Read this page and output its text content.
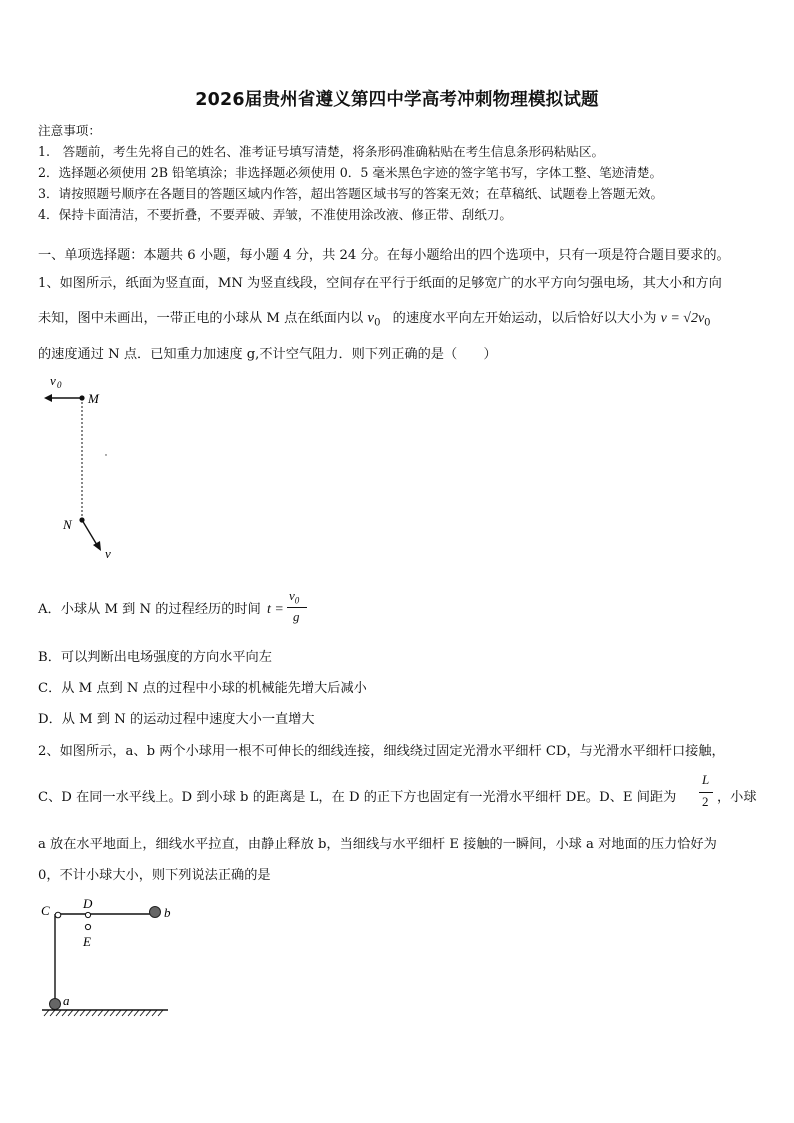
2026届贵州省遵义第四中学高考冲刺物理模拟试题
注意事项：
1.　答题前，考生先将自己的姓名、准考证号填写清楚，将条形码准确粘贴在考生信息条形码粘贴区。
2．选择题必须使用 2B 铅笔填涂；非选择题必须使用 0．5 毫米黑色字迹的签字笔书写，字体工整、笔迹清楚。
3．请按照题号顺序在各题目的答题区域内作答，超出答题区域书写的答案无效；在草稿纸、试题卷上答题无效。
4．保持卡面清洁，不要折叠，不要弄破、弄皱，不准使用涂改液、修正带、刮纸刀。
一、单项选择题：本题共 6 小题，每小题 4 分，共 24 分。在每小题给出的四个选项中，只有一项是符合题目要求的。
1、如图所示，纸面为竖直面，MN 为竖直线段，空间存在平行于纸面的足够宽广的水平方向匀强电场，其大小和方向
未知，图中未画出，一带正电的小球从 M 点在纸面内以 $v_0$ 的速度水平向左开始运动，以后恰好以大小为 $v = √2v_0$
的速度通过 N 点．已知重力加速度 g,不计空气阻力．则下列正确的是（　　）
v 0
M
N
v
A．小球从 M 到 N 的过程经历的时间 t =
$v_0$
g
B．可以判断出电场强度的方向水平向左
C．从 M 点到 N 点的过程中小球的机械能先增大后减小
D．从 M 到 N 的运动过程中速度大小一直增大
2、如图所示，a、b 两个小球用一根不可伸长的细线连接，细线绕过固定光滑水平细杆 CD，与光滑水平细杆口接触，
C、D 在同一水平线上。D 到小球 b 的距离是 L，在 D 的正下方也固定有一光滑水平细杆 DE。D、E 间距为
L
2 ，小球
a 放在水平地面上，细线水平拉直，由静止释放 b，当细线与水平细杆 E 接触的一瞬间，小球 a 对地面的压力恰好为
0，不计小球大小，则下列说法正确的是
C	D
E
b
a
